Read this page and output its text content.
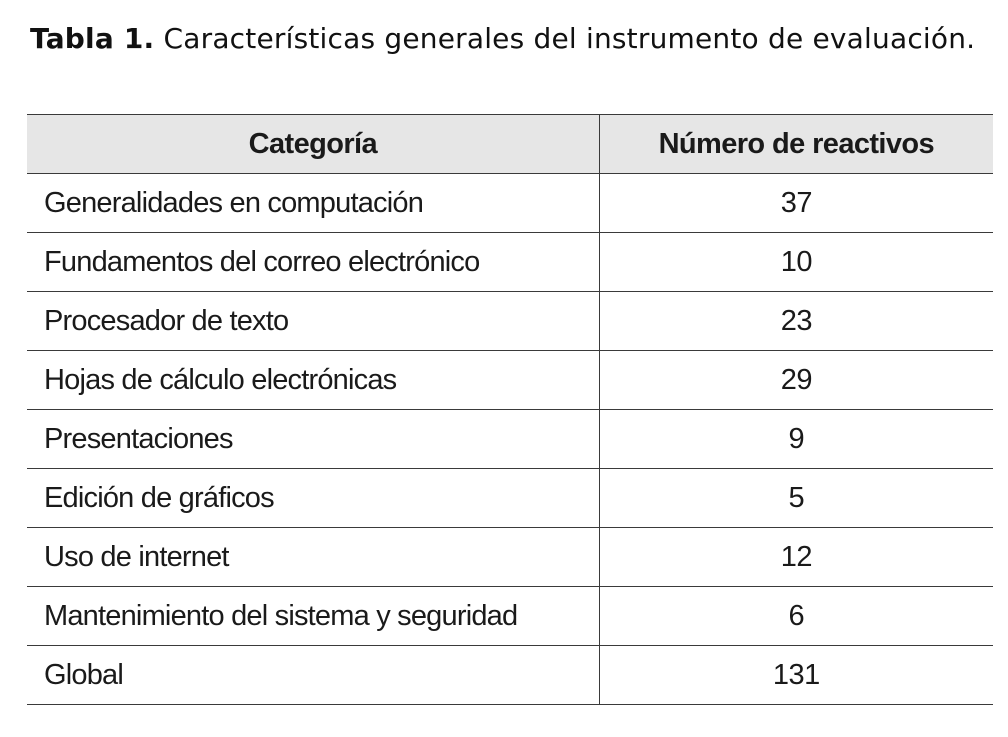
Tabla 1. Características generales del instrumento de evaluación.
Categoría	Número de reactivos
Generalidades en computación	37
Fundamentos del correo electrónico	10
Procesador de texto	23
Hojas de cálculo electrónicas	29
Presentaciones	9
Edición de gráficos	5
Uso de internet	12
Mantenimiento del sistema y seguridad	6
Global	131
